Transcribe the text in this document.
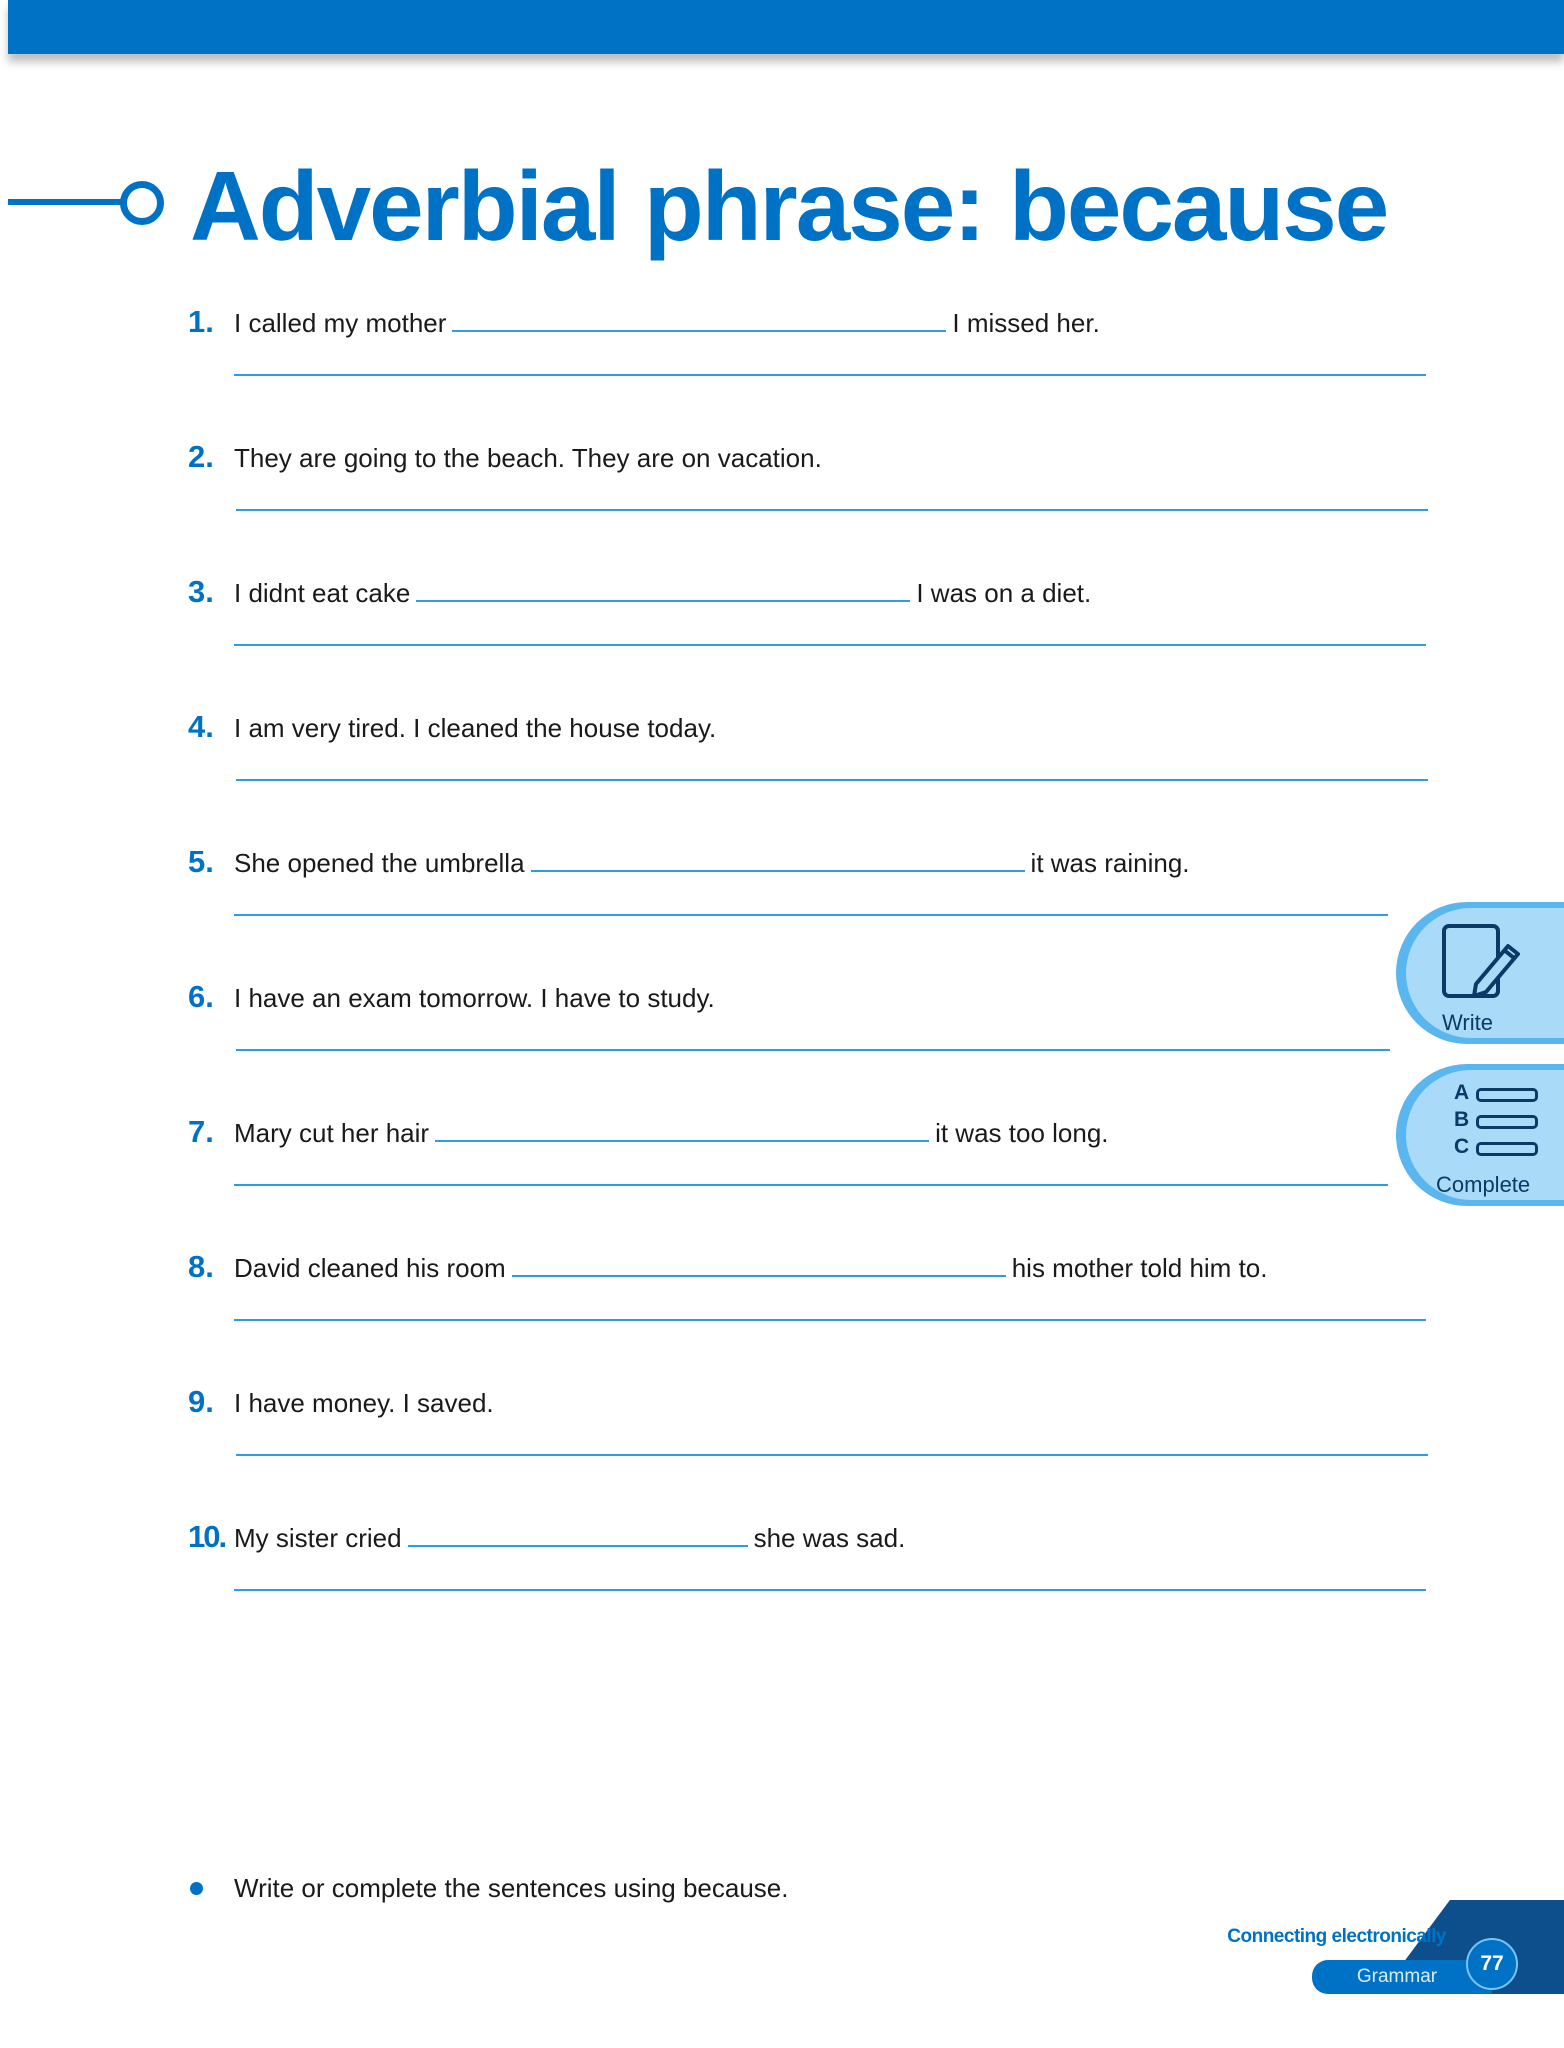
Adverbial phrase: because
1. I called my mother	I missed her.
2. They are going to the beach. They are on vacation.
3. I didnt eat cake	I was on a diet.
4. I am very tired. I cleaned the house today.
5. She opened the umbrella	it was raining.
6. I have an exam tomorrow. I have to study.
7. Mary cut her hair	it was too long.
8. David cleaned his room	his mother told him to.
9. I have money. I saved.
10. My sister cried	she was sad.
Write
A
B
C
Complete
Write or complete the sentences using because.
Connecting electronically
Grammar
77
